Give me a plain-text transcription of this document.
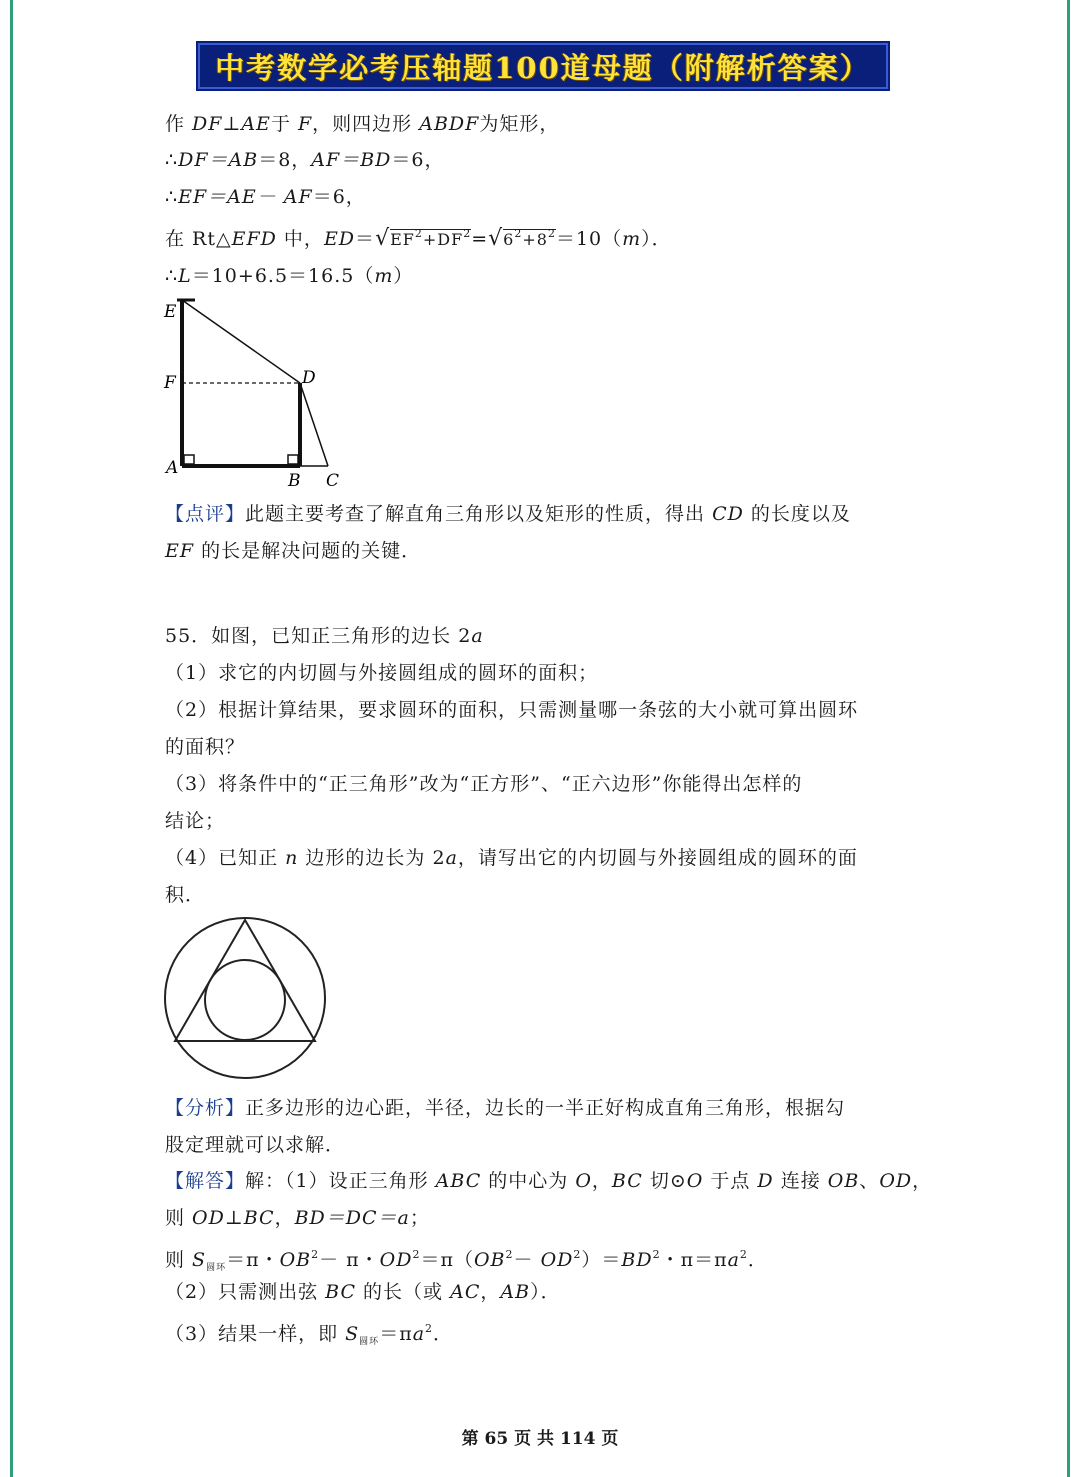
中考数学必考压轴题100道母题（附解析答案）
作 DF⊥AE于 F，则四边形 ABDF为矩形，
∴DF＝AB＝8，AF＝BD＝6，
∴EF＝AE－ AF＝6，
在 Rt△EFD 中，$ED=√EF^2+DF^2=√6^2+8^2=10(m)$．
∴L＝10+6.5＝16.5（m）
E
F	D
A
B C
【点评】此题主要考查了解直角三角形以及矩形的性质，得出 CD 的长度以及
EF 的长是解决问题的关键．
55．如图，已知正三角形的边长 2a
（1）求它的内切圆与外接圆组成的圆环的面积；
（2）根据计算结果，要求圆环的面积，只需测量哪一条弦的大小就可算出圆环
的面积？
（3）将条件中的“正三角形”改为“正方形”、“正六边形”你能得出怎样的
结论；
（4）已知正 n 边形的边长为 2a，请写出它的内切圆与外接圆组成的圆环的面
积．
【分析】正多边形的边心距，半径，边长的一半正好构成直角三角形，根据勾
股定理就可以求解．
【解答】解：（1）设正三角形 ABC 的中心为 O，BC 切⊙O 于点 D 连接 OB、OD，
则 OD⊥BC，BD＝DC＝a；
则 $S_{圆环}=\pi$・$OB^2- \pi$・$OD^2=\pi(OB^2- OD^2)=BD^2$・$\pi=\pi a^2$．
（2）只需测出弦 BC 的长（或 AC，AB）．
（3）结果一样，即 $S_{圆环}=\pi a^2$．
第 65 页 共 114 页
